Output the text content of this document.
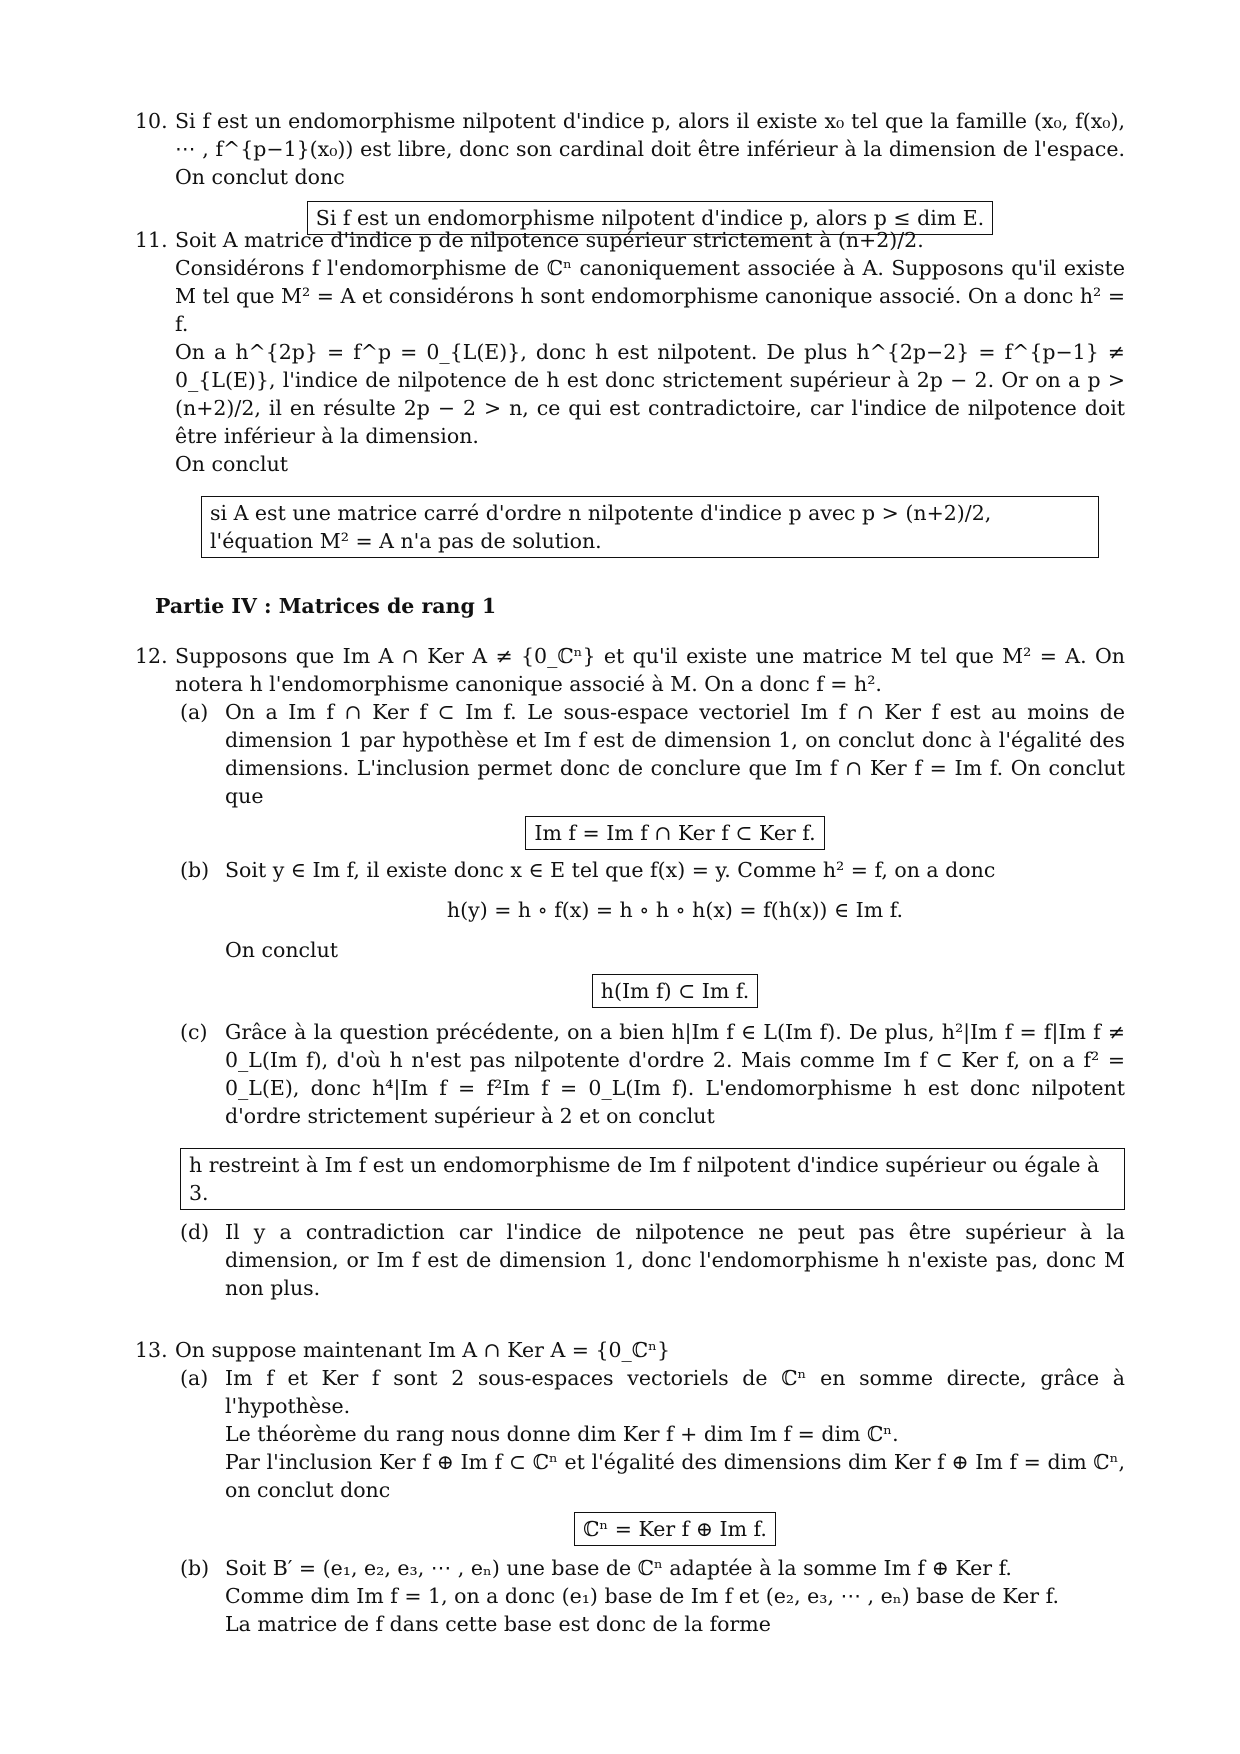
10. Si f est un endomorphisme nilpotent d'indice p, alors il existe x₀ tel que la famille (x₀, f(x₀), ⋯ , f^{p−1}(x₀)) est libre, donc son cardinal doit être inférieur à la dimension de l'espace. On conclut donc

Si f est un endomorphisme nilpotent d'indice p, alors p ≤ dim E.
11. Soit A matrice d'indice p de nilpotence supérieur strictement à (n+2)/2.

Considérons f l'endomorphisme de ℂⁿ canoniquement associée à A. Supposons qu'il existe M tel que M² = A et considérons h sont endomorphisme canonique associé. On a donc h² = f.

On a h^{2p} = f^p = 0_{L(E)}, donc h est nilpotent. De plus h^{2p−2} = f^{p−1} ≠ 0_{L(E)}, l'indice de nilpotence de h est donc strictement supérieur à 2p − 2. Or on a p > (n+2)/2, il en résulte 2p − 2 > n, ce qui est contradictoire, car l'indice de nilpotence doit être inférieur à la dimension.

On conclut

si A est une matrice carré d'ordre n nilpotente d'indice p avec p > (n+2)/2, l'équation M² = A n'a pas de solution.
Partie IV : Matrices de rang 1
12. Supposons que Im A ∩ Ker A ≠ {0_ℂⁿ} et qu'il existe une matrice M tel que M² = A. On notera h l'endomorphisme canonique associé à M. On a donc f = h².

(a) On a Im f ∩ Ker f ⊂ Im f. Le sous-espace vectoriel Im f ∩ Ker f est au moins de dimension 1 par hypothèse et Im f est de dimension 1, on conclut donc à l'égalité des dimensions. L'inclusion permet donc de conclure que Im f ∩ Ker f = Im f. On conclut que

Im f = Im f ∩ Ker f ⊂ Ker f.
(b) Soit y ∈ Im f, il existe donc x ∈ E tel que f(x) = y. Comme h² = f, on a donc

h(y) = h ∘ f(x) = h ∘ h ∘ h(x) = f(h(x)) ∈ Im f.

On conclut

h(Im f) ⊂ Im f.
(c) Grâce à la question précédente, on a bien h|Im f ∈ L(Im f). De plus, h²|Im f = f|Im f ≠ 0_L(Im f), d'où h n'est pas nilpotente d'ordre 2. Mais comme Im f ⊂ Ker f, on a f² = 0_L(E), donc h⁴|Im f = f²Im f = 0_L(Im f). L'endomorphisme h est donc nilpotent d'ordre strictement supérieur à 2 et on conclut

h restreint à Im f est un endomorphisme de Im f nilpotent d'indice supérieur ou égale à 3.
(d) Il y a contradiction car l'indice de nilpotence ne peut pas être supérieur à la dimension, or Im f est de dimension 1, donc l'endomorphisme h n'existe pas, donc M non plus.

13. On suppose maintenant Im A ∩ Ker A = {0_ℂⁿ}

(a) Im f et Ker f sont 2 sous-espaces vectoriels de ℂⁿ en somme directe, grâce à l'hypothèse.

Le théorème du rang nous donne dim Ker f + dim Im f = dim ℂⁿ.

Par l'inclusion Ker f ⊕ Im f ⊂ ℂⁿ et l'égalité des dimensions dim Ker f ⊕ Im f = dim ℂⁿ, on conclut donc

ℂⁿ = Ker f ⊕ Im f.
(b) Soit B′ = (e₁, e₂, e₃, ⋯ , eₙ) une base de ℂⁿ adaptée à la somme Im f ⊕ Ker f.

Comme dim Im f = 1, on a donc (e₁) base de Im f et (e₂, e₃, ⋯ , eₙ) base de Ker f.

La matrice de f dans cette base est donc de la forme
